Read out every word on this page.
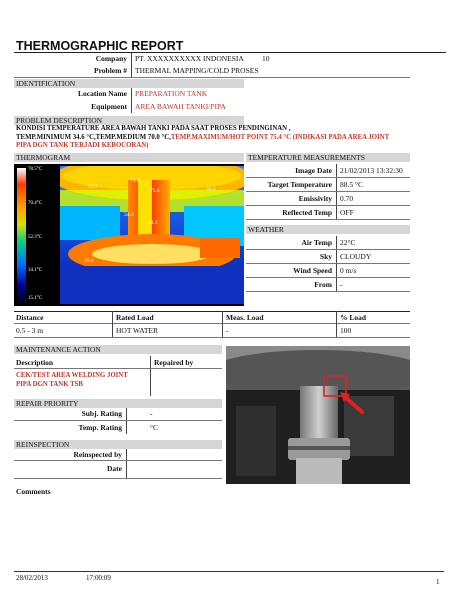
THERMOGRAPHIC REPORT
Company PT. XXXXXXXXXX INDONESIA 10
Problem # THERMAL MAPPING/COLD PROSES
IDENTIFICATION
Location Name PREPARATION TANK
Equipment AREA BAWAH TANKI/PIPA
PROBLEM DESCRIPTION
KONDISI TEMPERATURE AREA BAWAH TANKI PADA SAAT PROSES PENDINGINAN ,
TEMP.MINIMUM 34.6 °C,TEMP.MEDIUM 70.0 °C,TEMP.MAXIMUM/HOT POINT 75.4 °C (INDIKASI PADA AREA JOINT
PIPA DGN TANK TERJADI KEBOCORAN)
THERMOGRAM
78.5°C
70.4°C
52.3°C
34.1°C
15.1°C
29.7
75.4
70.0
53.1
34.6
34.1
29.4
TEMPERATURE MEASUREMENTS
Image Date 21/02/2013 13:32:30
Target Temperature 88.5 °C
Emissivity 0.70
Reflected Temp OFF
WEATHER
Air Temp 22°C
Sky CLOUDY
Wind Speed 0 m/s
From -
Distance	Rated Load	Meas. Load	% Load
0.5 - 3 m	HOT WATER	-	100
MAINTENANCE ACTION
Description	Repaired by
CEK/TEST AREA WELDING JOINT
PIPA DGN TANK TSB
REPAIR PRIORITY
Subj. Rating	-
Temp. Rating	°C
REINSPECTION
Reinspected by
Date
Comments
28/02/2013	17:00:09	1
